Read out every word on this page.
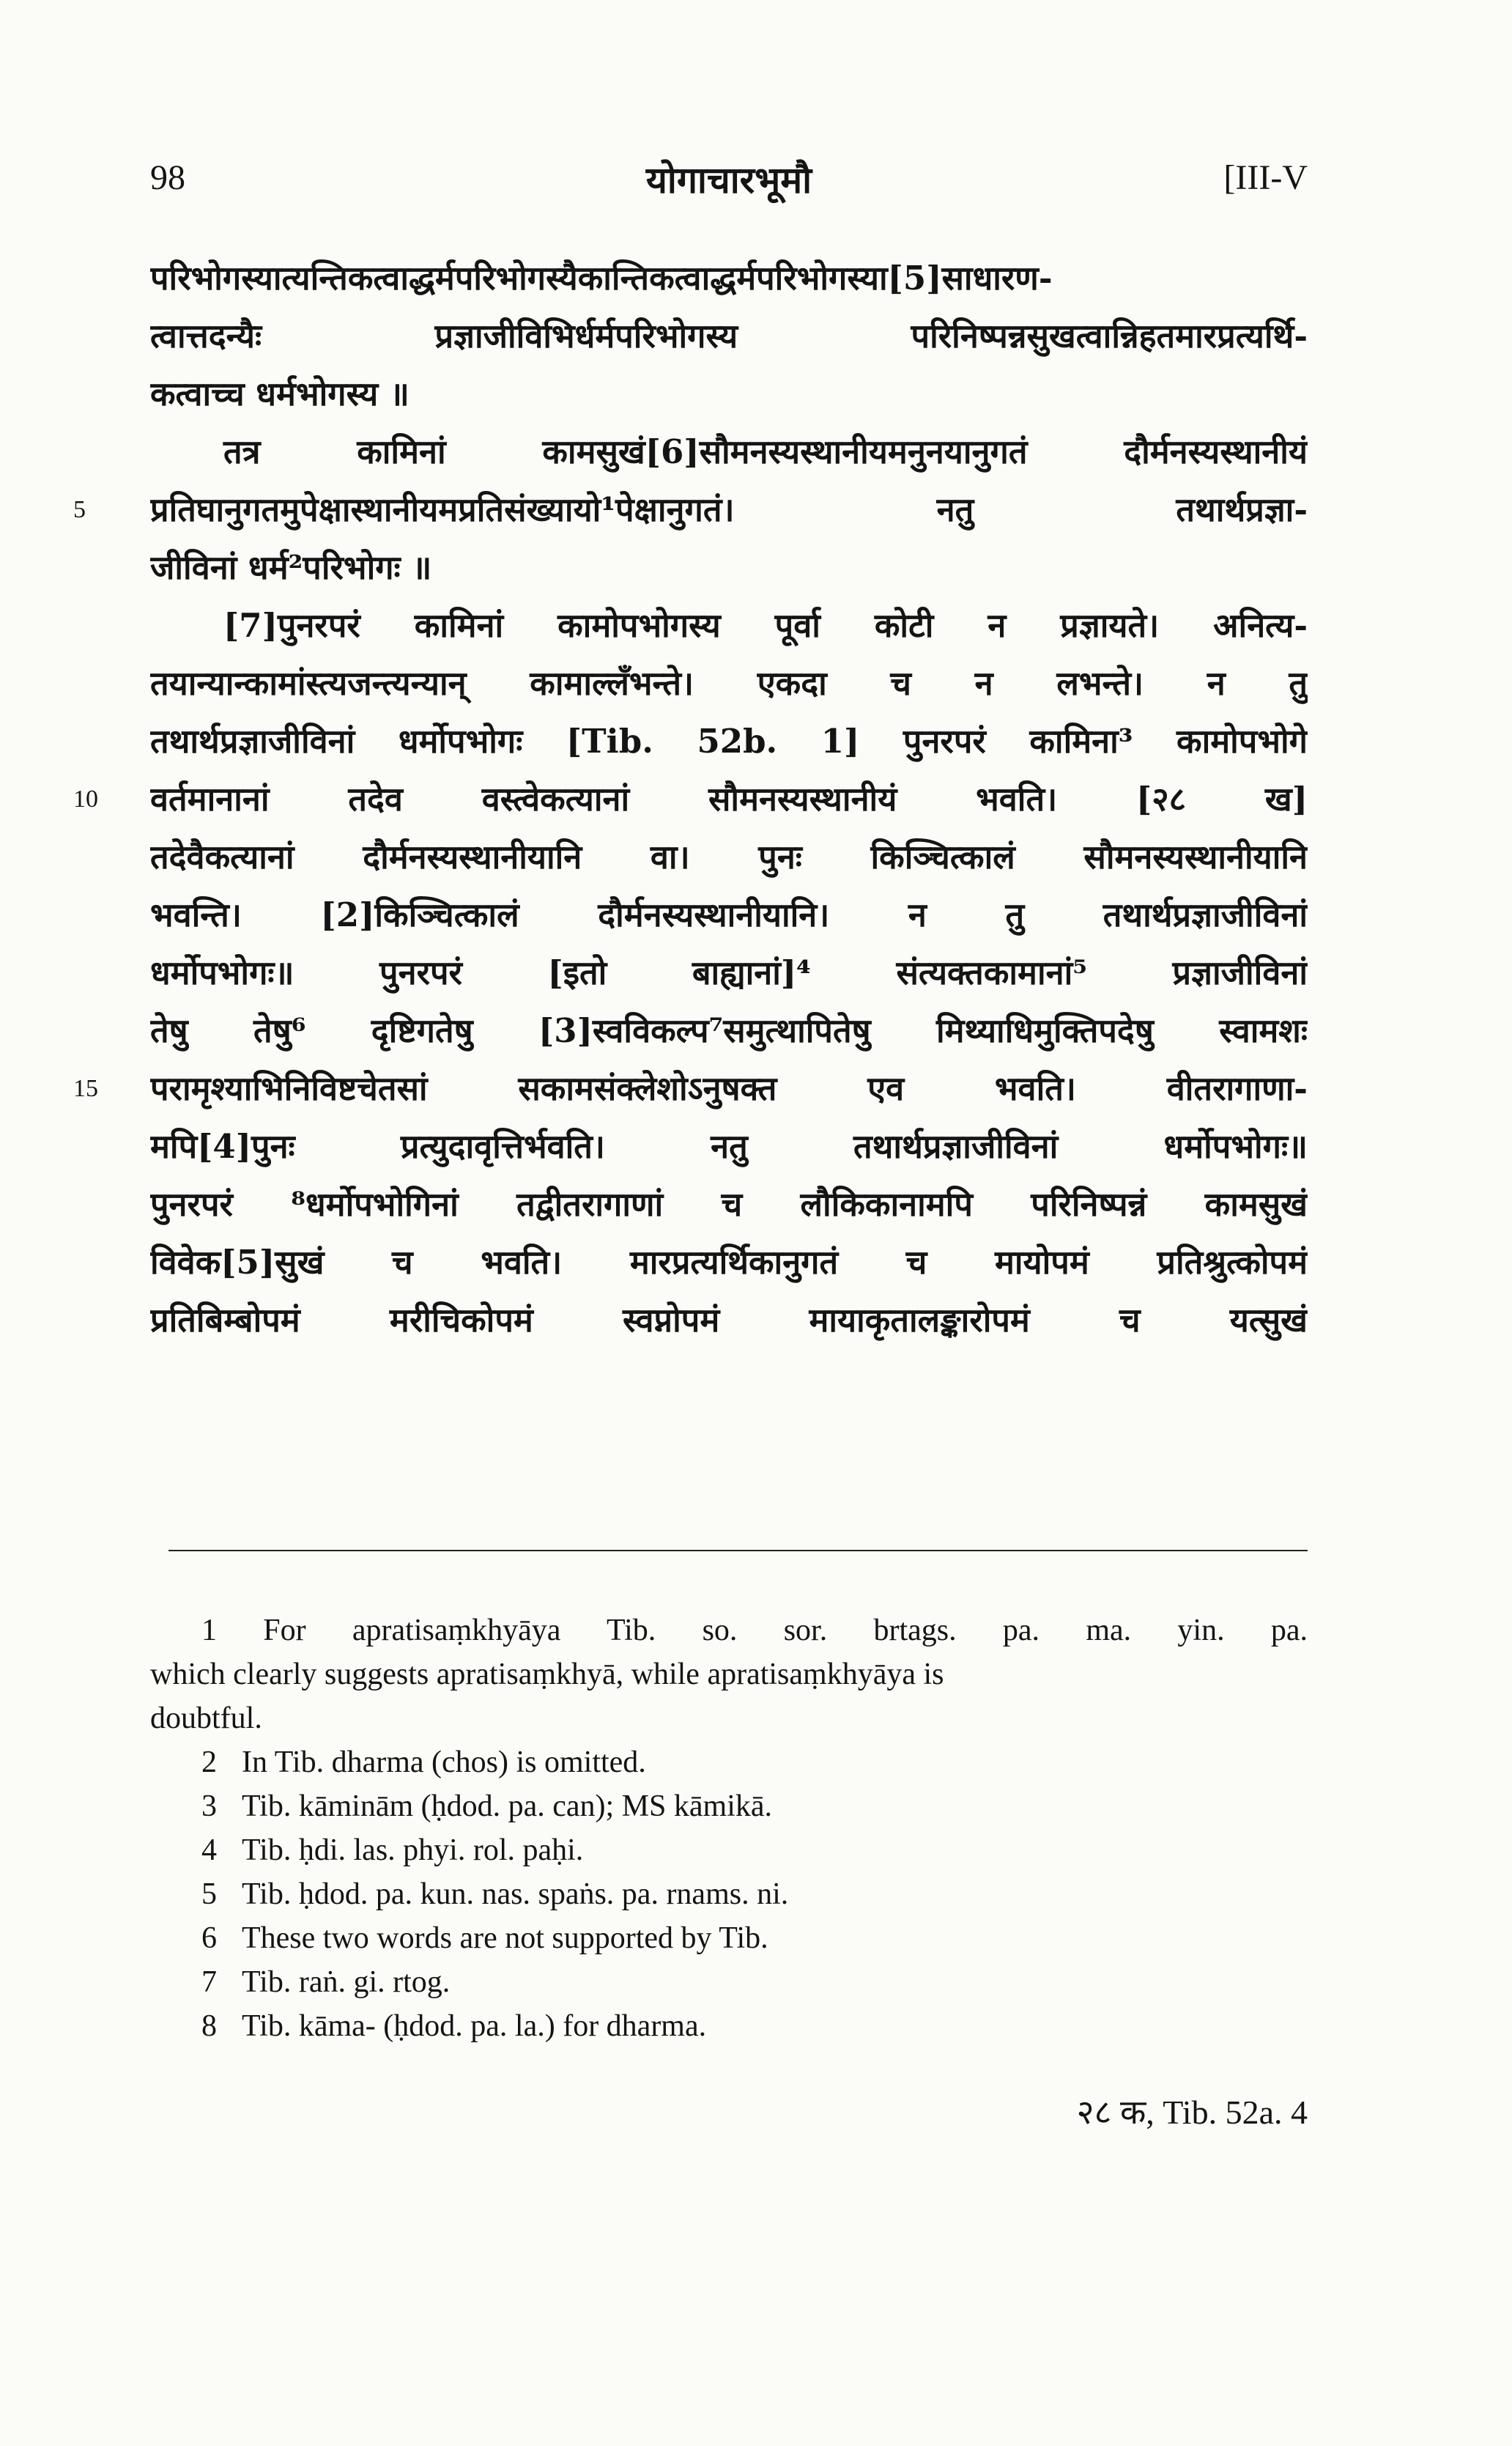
98	योगाचारभूमौ	[III-V
5
10
15
परिभोगस्यात्यन्तिकत्वाद्धर्मपरिभोगस्यैकान्तिकत्वाद्धर्मपरिभोगस्या[5]साधारण-
त्वात्तदन्यैः प्रज्ञाजीविभिर्धर्मपरिभोगस्य परिनिष्पन्नसुखत्वान्निहतमारप्रत्यर्थि-
कत्वाच्च धर्मभोगस्य ॥
तत्र कामिनां कामसुखं[6]सौमनस्यस्थानीयमनुनयानुगतं दौर्मनस्यस्थानीयं
प्रतिघानुगतमुपेक्षास्थानीयमप्रतिसंख्यायो¹पेक्षानुगतं। नतु तथार्थप्रज्ञा-
जीविनां धर्म²परिभोगः ॥
[7]पुनरपरं कामिनां कामोपभोगस्य पूर्वा कोटी न प्रज्ञायते। अनित्य-
तयान्यान्कामांस्त्यजन्त्यन्यान् कामाल्लँभन्ते। एकदा च न लभन्ते। न तु
तथार्थप्रज्ञाजीविनां धर्मोपभोगः [Tib. 52b. 1] पुनरपरं कामिना³ कामोपभोगे
वर्तमानानां तदेव वस्त्वेकत्यानां सौमनस्यस्थानीयं भवति। [२८ ख]
तदेवैकत्यानां दौर्मनस्यस्थानीयानि वा। पुनः किञ्चित्कालं सौमनस्यस्थानीयानि
भवन्ति। [2]किञ्चित्कालं दौर्मनस्यस्थानीयानि। न तु तथार्थप्रज्ञाजीविनां
धर्मोपभोगः॥ पुनरपरं [इतो बाह्यानां]⁴ संत्यक्तकामानां⁵ प्रज्ञाजीविनां
तेषु तेषु⁶ दृष्टिगतेषु [3]स्वविकल्प⁷समुत्थापितेषु मिथ्याधिमुक्तिपदेषु स्वामशः
परामृश्याभिनिविष्टचेतसां सकामसंक्लेशोऽनुषक्त एव भवति। वीतरागाणा-
मपि[4]पुनः प्रत्युदावृत्तिर्भवति। नतु तथार्थप्रज्ञाजीविनां धर्मोपभोगः॥
पुनरपरं ⁸धर्मोपभोगिनां तद्वीतरागाणां च लौकिकानामपि परिनिष्पन्नं कामसुखं
विवेक[5]सुखं च भवति। मारप्रत्यर्थिकानुगतं च मायोपमं प्रतिश्रुत्कोपमं
प्रतिबिम्बोपमं मरीचिकोपमं स्वप्नोपमं मायाकृतालङ्कारोपमं च यत्सुखं
1 For apratisaṃkhyāya Tib. so. sor. brtags. pa. ma. yin. pa.
which clearly suggests apratisaṃkhyā, while apratisaṃkhyāya is
doubtful.
2 In Tib. dharma (chos) is omitted.
3 Tib. kāminām (ḥdod. pa. can); MS kāmikā.
4 Tib. ḥdi. las. phyi. rol. paḥi.
5 Tib. ḥdod. pa. kun. nas. spaṅs. pa. rnams. ni.
6 These two words are not supported by Tib.
7 Tib. raṅ. gi. rtog.
8 Tib. kāma- (ḥdod. pa. la.) for dharma.
२८ क, Tib. 52a. 4
